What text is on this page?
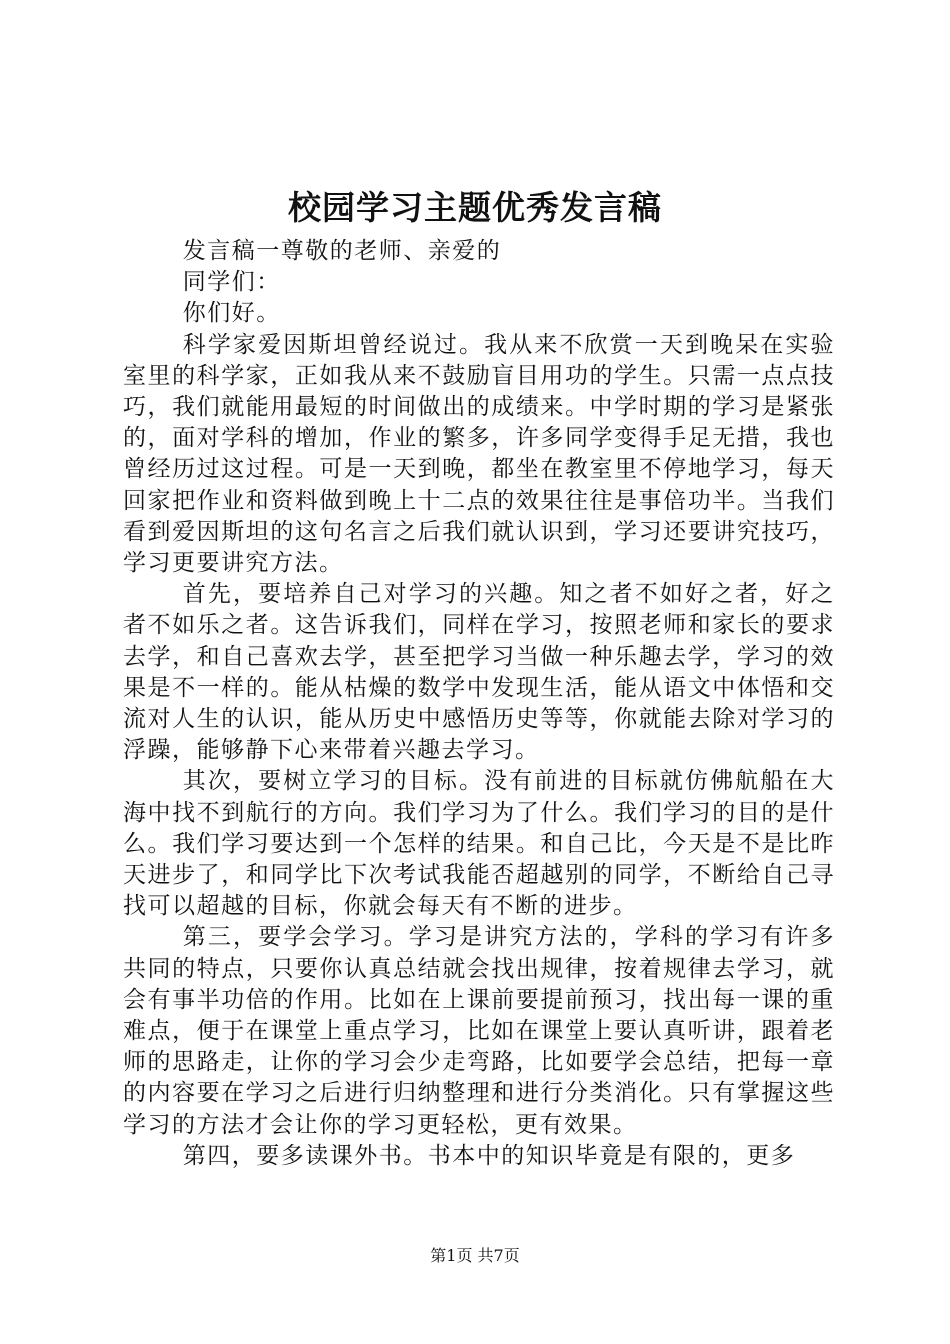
校园学习主题优秀发言稿

发言稿一尊敬的老师、亲爱的

同学们：

你们好。

科学家爱因斯坦曾经说过。我从来不欣赏一天到晚呆在实验室里的科学家，正如我从来不鼓励盲目用功的学生。只需一点点技巧，我们就能用最短的时间做出的成绩来。中学时期的学习是紧张的，面对学科的增加，作业的繁多，许多同学变得手足无措，我也曾经历过这过程。可是一天到晚，都坐在教室里不停地学习，每天回家把作业和资料做到晚上十二点的效果往往是事倍功半。当我们看到爱因斯坦的这句名言之后我们就认识到，学习还要讲究技巧，学习更要讲究方法。

首先，要培养自己对学习的兴趣。知之者不如好之者，好之者不如乐之者。这告诉我们，同样在学习，按照老师和家长的要求去学，和自己喜欢去学，甚至把学习当做一种乐趣去学，学习的效果是不一样的。能从枯燥的数学中发现生活，能从语文中体悟和交流对人生的认识，能从历史中感悟历史等等，你就能去除对学习的浮躁，能够静下心来带着兴趣去学习。

其次，要树立学习的目标。没有前进的目标就仿佛航船在大海中找不到航行的方向。我们学习为了什么。我们学习的目的是什么。我们学习要达到一个怎样的结果。和自己比，今天是不是比昨天进步了，和同学比下次考试我能否超越别的同学，不断给自己寻找可以超越的目标，你就会每天有不断的进步。

第三，要学会学习。学习是讲究方法的，学科的学习有许多共同的特点，只要你认真总结就会找出规律，按着规律去学习，就会有事半功倍的作用。比如在上课前要提前预习，找出每一课的重难点，便于在课堂上重点学习，比如在课堂上要认真听讲，跟着老师的思路走，让你的学习会少走弯路，比如要学会总结，把每一章的内容要在学习之后进行归纳整理和进行分类消化。只有掌握这些学习的方法才会让你的学习更轻松，更有效果。

第四，要多读课外书。书本中的知识毕竟是有限的，更多

第1页 共7页
